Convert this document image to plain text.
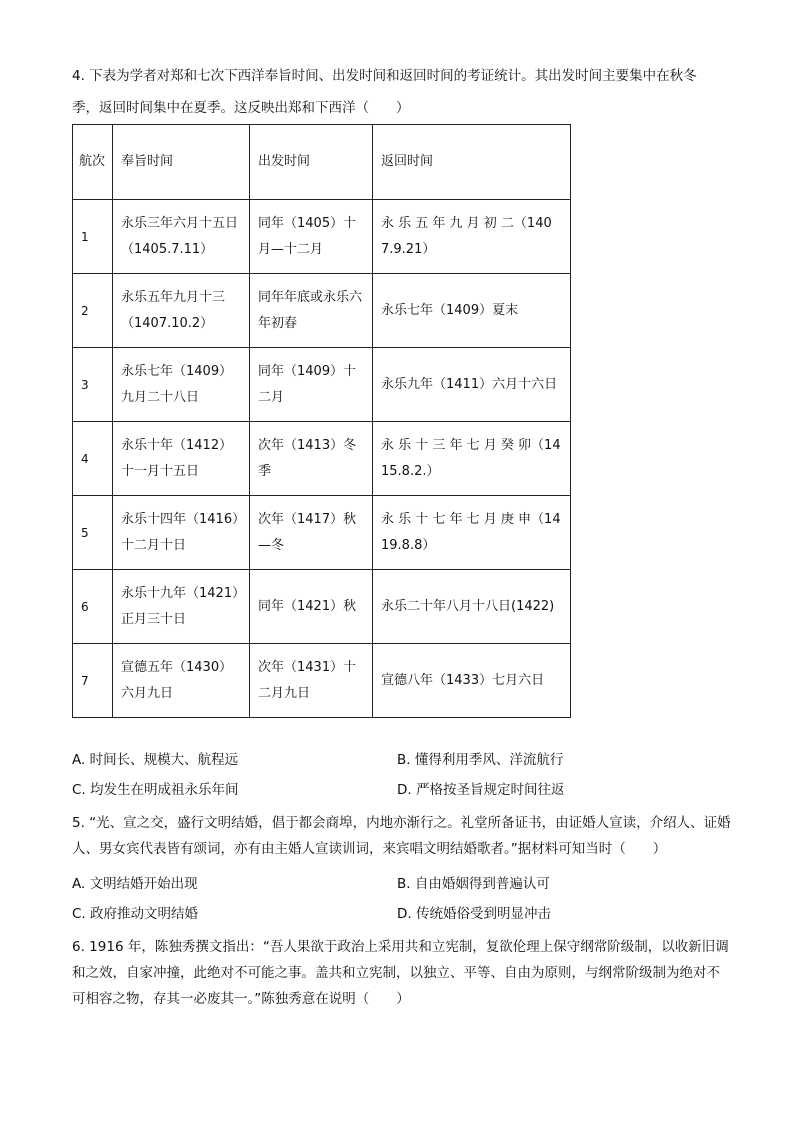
4. 下表为学者对郑和七次下西洋奉旨时间、出发时间和返回时间的考证统计。其出发时间主要集中在秋冬
季，返回时间集中在夏季。这反映出郑和下西洋（　　）
航次	奉旨时间	出发时间	返回时间
1	永乐三年六月十五日（1405.7.11）	同年（1405）十月—十二月	永 乐 五 年 九 月 初 二（1407.9.21）
2	永乐五年九月十三（1407.10.2）	同年年底或永乐六年初春	永乐七年（1409）夏末
3	永乐七年（1409）九月二十八日	同年（1409）十二月	永乐九年（1411）六月十六日
4	永乐十年（1412）十一月十五日	次年（1413）冬季	永 乐 十 三 年 七 月 癸 卯（1415.8.2.）
5	永乐十四年（1416）十二月十日	次年（1417）秋—冬	永 乐 十 七 年 七 月 庚 申（1419.8.8）
6	永乐十九年（1421）正月三十日	同年（1421）秋	永乐二十年八月十八日(1422)
7	宣德五年（1430）六月九日	次年（1431）十二月九日	宣德八年（1433）七月六日
A. 时间长、规模大、航程远	B. 懂得利用季风、洋流航行
C. 均发生在明成祖永乐年间	D. 严格按圣旨规定时间往返
5. “光、宣之交，盛行文明结婚，倡于都会商埠，内地亦渐行之。礼堂所备证书，由证婚人宣读，介绍人、证婚人、男女宾代表皆有颂词，亦有由主婚人宣读训词，来宾唱文明结婚歌者。”据材料可知当时（　　）
A. 文明结婚开始出现	B. 自由婚姻得到普遍认可
C. 政府推动文明结婚	D. 传统婚俗受到明显冲击
6. 1916 年，陈独秀撰文指出：“吾人果欲于政治上采用共和立宪制，复欲伦理上保守纲常阶级制，以收新旧调和之效，自家冲撞，此绝对不可能之事。盖共和立宪制，以独立、平等、自由为原则，与纲常阶级制为绝对不可相容之物，存其一必废其一。”陈独秀意在说明（　　）
